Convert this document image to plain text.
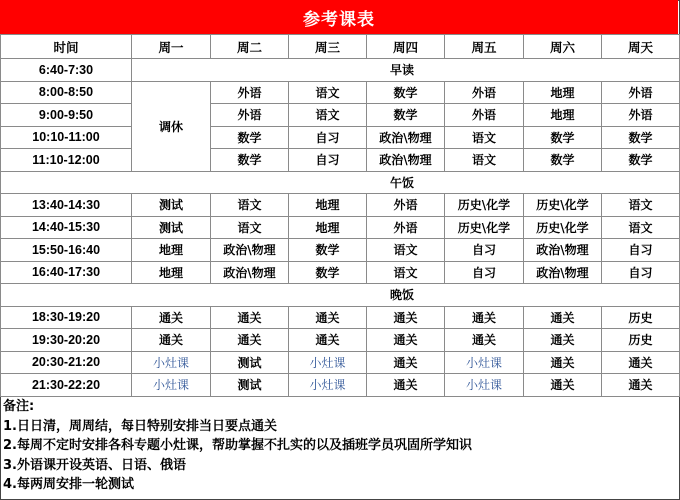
参考课表
时间	周一	周二	周三	周四	周五	周六	周天
6:40-7:30	早读						
8:00-8:50	调休	外语	语文	数学	外语	地理	外语
9:00-9:50		外语	语文	数学	外语	地理	外语
10:10-11:00		数学	自习	政治\物理	语文	数学	数学
11:10-12:00		数学	自习	政治\物理	语文	数学	数学
午饭							
13:40-14:30	测试	语文	地理	外语	历史\化学	历史\化学	语文
14:40-15:30	测试	语文	地理	外语	历史\化学	历史\化学	语文
15:50-16:40	地理	政治\物理	数学	语文	自习	政治\物理	自习
16:40-17:30	地理	政治\物理	数学	语文	自习	政治\物理	自习
晚饭							
18:30-19:20	通关	通关	通关	通关	通关	通关	历史
19:30-20:20	通关	通关	通关	通关	通关	通关	历史
20:30-21:20	小灶课	测试	小灶课	通关	小灶课	通关	通关
21:30-22:20	小灶课	测试	小灶课	通关	小灶课	通关	通关
备注:
1.日日清，周周结，每日特别安排当日要点通关
2.每周不定时安排各科专题小灶课，帮助掌握不扎实的以及插班学员巩固所学知识
3.外语课开设英语、日语、俄语
4.每两周安排一轮测试
